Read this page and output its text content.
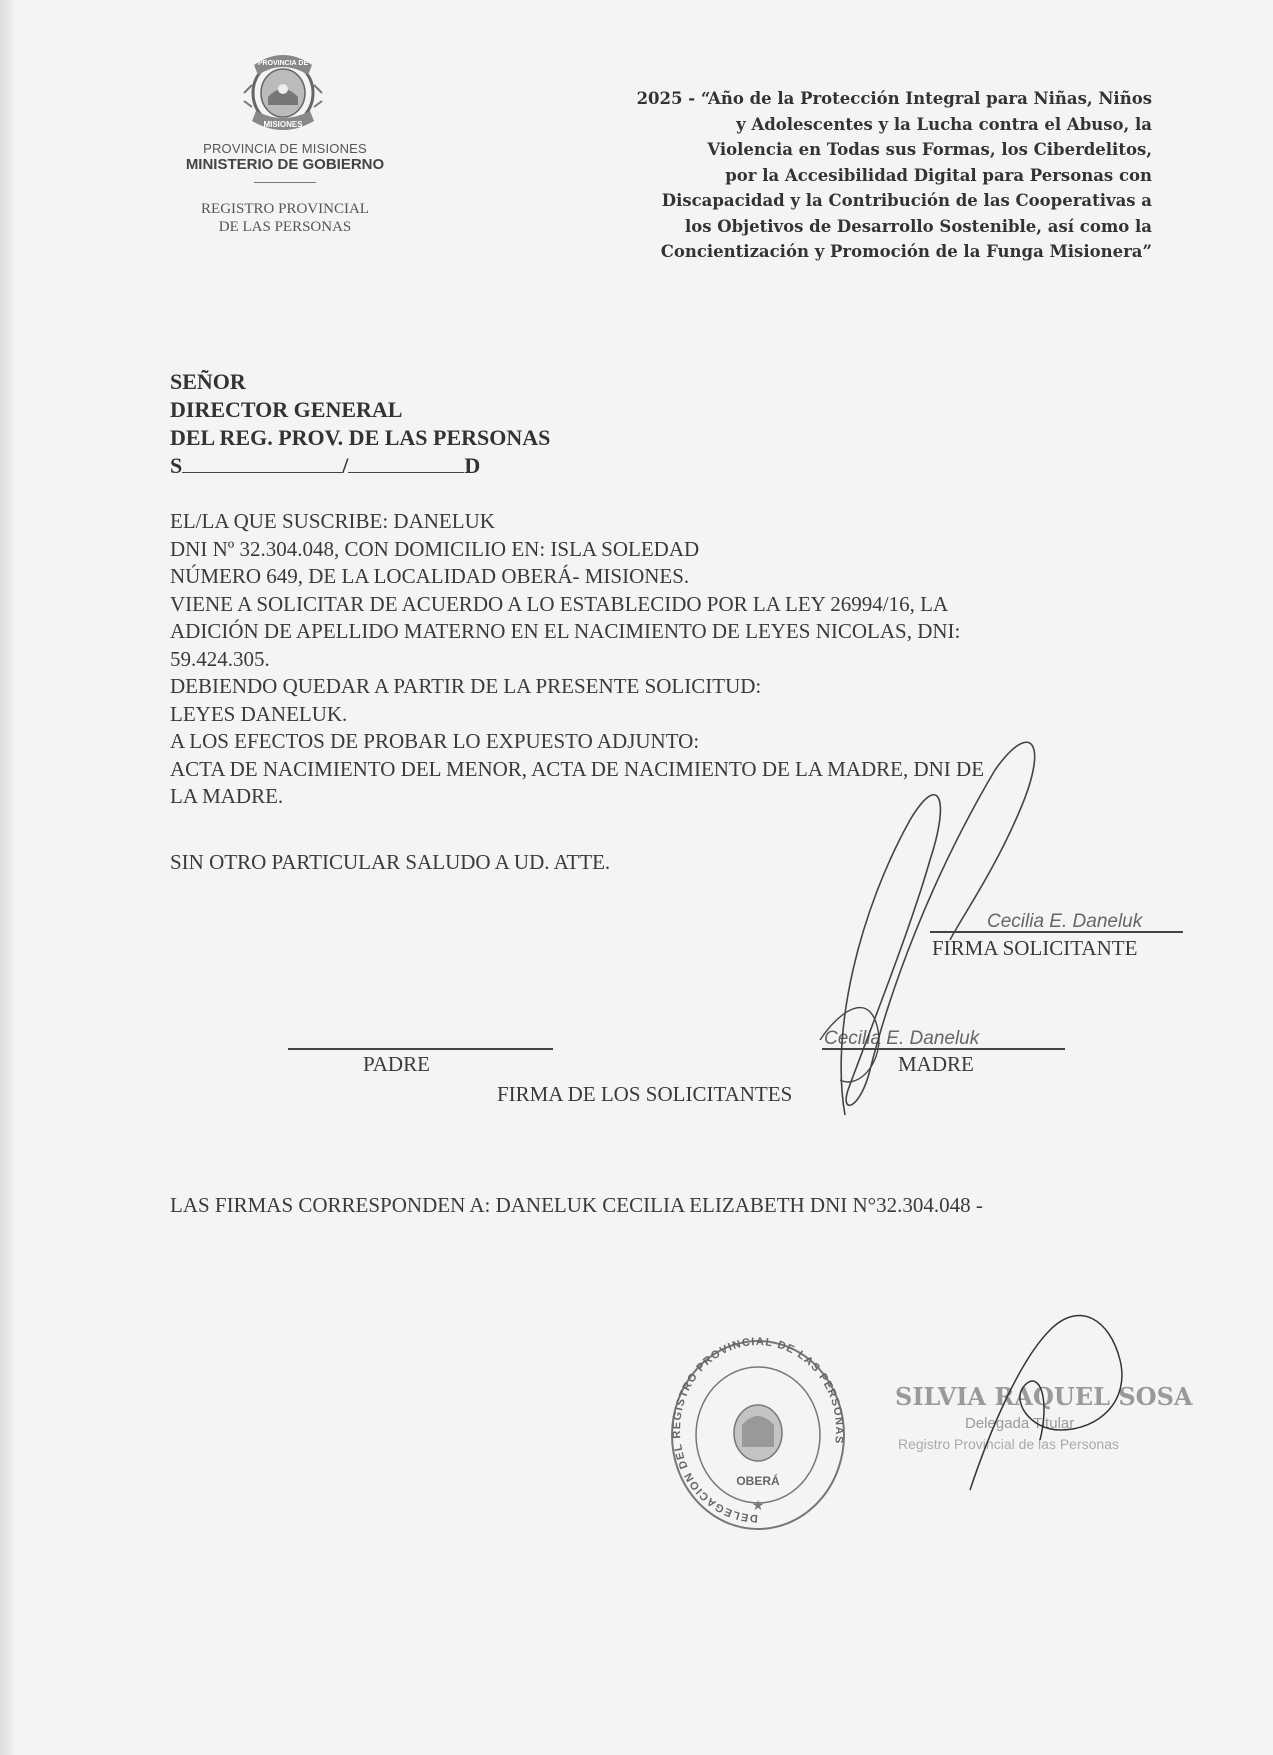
PROVINCIA DE
MISIONES
PROVINCIA DE MISIONES
MINISTERIO DE GOBIERNO
REGISTRO PROVINCIAL
DE LAS PERSONAS
2025 - “Año de la Protección Integral para Niñas, Niños
y Adolescentes y la Lucha contra el Abuso, la
Violencia en Todas sus Formas, los Ciberdelitos,
por la Accesibilidad Digital para Personas con
Discapacidad y la Contribución de las Cooperativas a
los Objetivos de Desarrollo Sostenible, así como la
Concientización y Promoción de la Funga Misionera”
SEÑOR
DIRECTOR GENERAL
DEL REG. PROV. DE LAS PERSONAS
S	/	D

EL/LA QUE SUSCRIBE: DANELUK

DNI Nº 32.304.048, CON DOMICILIO EN: ISLA SOLEDAD

NÚMERO 649, DE LA LOCALIDAD OBERÁ- MISIONES.

VIENE A SOLICITAR DE ACUERDO A LO ESTABLECIDO POR LA LEY 26994/16, LA

ADICIÓN DE APELLIDO MATERNO EN EL NACIMIENTO DE LEYES NICOLAS, DNI:

59.424.305.

DEBIENDO QUEDAR A PARTIR DE LA PRESENTE SOLICITUD:

LEYES DANELUK.

A LOS EFECTOS DE PROBAR LO EXPUESTO ADJUNTO:

ACTA DE NACIMIENTO DEL MENOR, ACTA DE NACIMIENTO DE LA MADRE, DNI DE

LA MADRE.

SIN OTRO PARTICULAR SALUDO A UD. ATTE.
Cecilia E. Daneluk
FIRMA SOLICITANTE
PADRE
Cecilia E. Daneluk
MADRE
FIRMA DE LOS SOLICITANTES
LAS FIRMAS CORRESPONDEN A: DANELUK CECILIA ELIZABETH DNI N°32.304.048 -
DELEGACION DEL REGISTRO PROVINCIAL DE LAS PERSONAS
OBERÁ
★
SILVIA RAQUEL SOSA
Delegada Titular
Registro Provincial de las Personas
